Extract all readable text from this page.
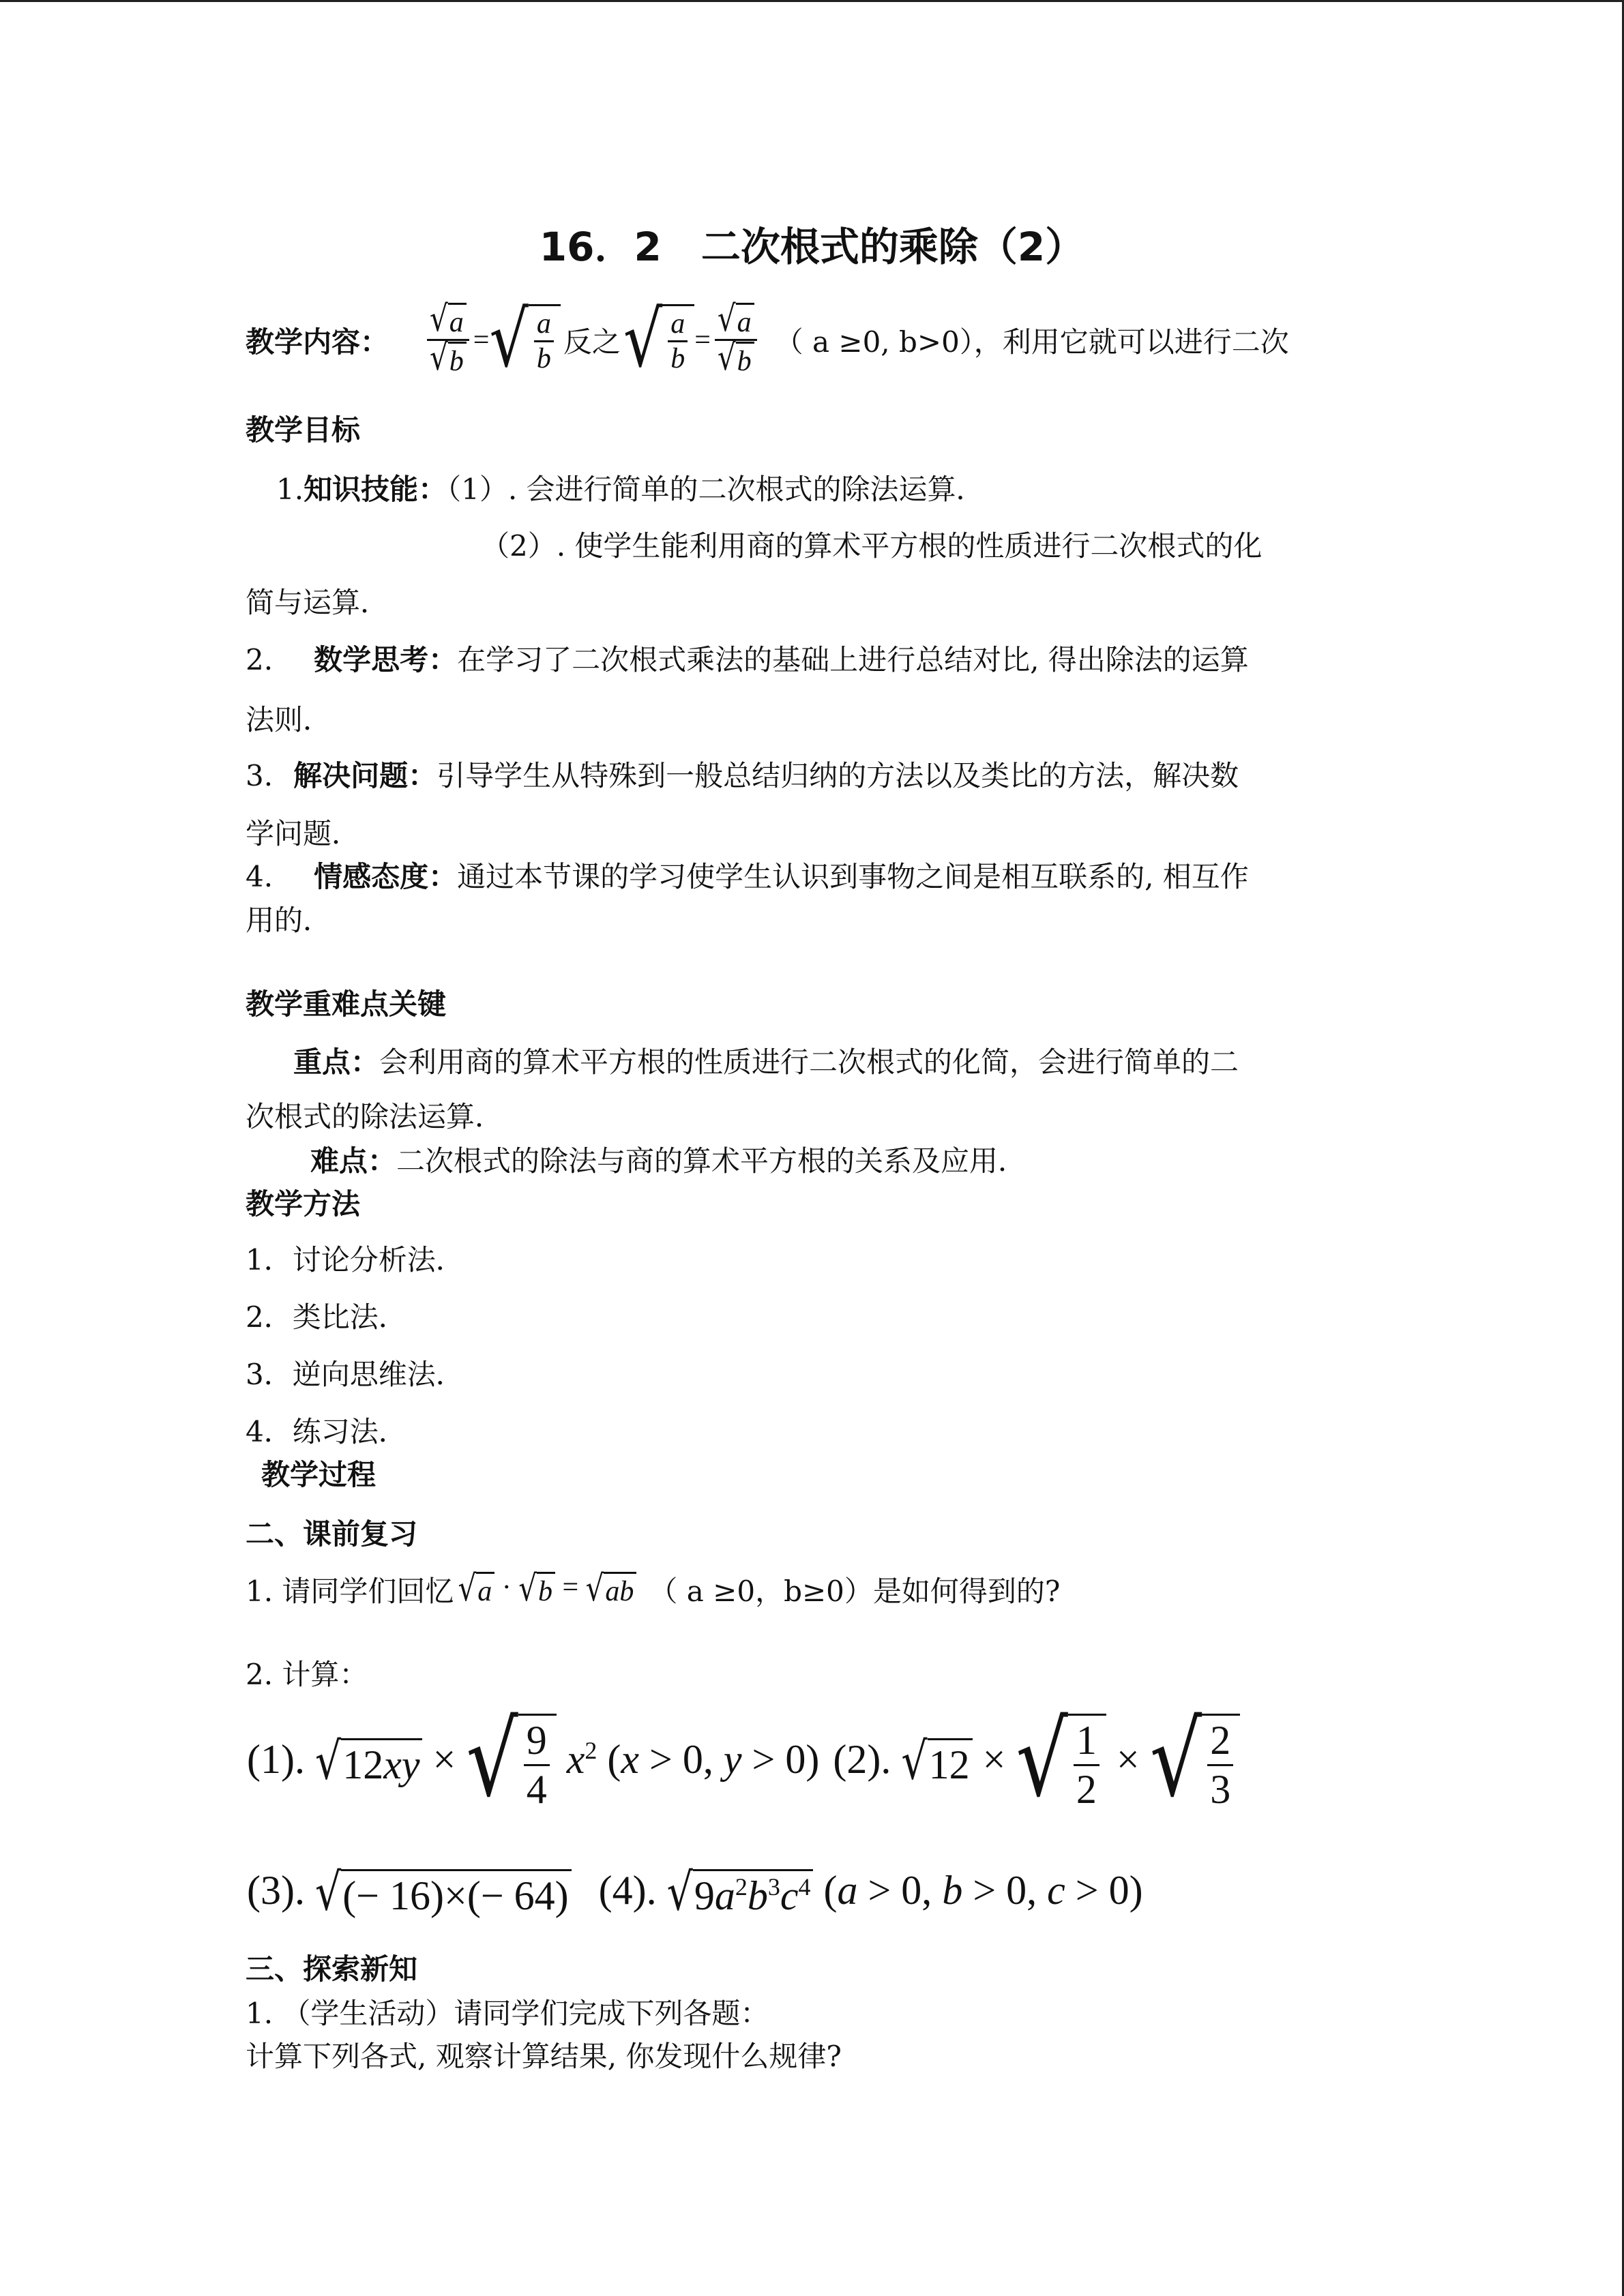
16．2　二次根式的乘除（2）
教学内容： $\frac{√ a}{√ b}$ = √ $\frac{a}{b}$ 反之 √ $\frac{a}{b} = \frac{√ a}{√ b}$ （ a ≥0, b>0），利用它就可以进行二次
教学目标
1.知识技能：（1）. 会进行简单的二次根式的除法运算．
（2）. 使学生能利用商的算术平方根的性质进行二次根式的化
简与运算．
2. 数学思考：在学习了二次根式乘法的基础上进行总结对比, 得出除法的运算
法则．
3. 解决问题：引导学生从特殊到一般总结归纳的方法以及类比的方法，解决数
学问题．
4. 情感态度：通过本节课的学习使学生认识到事物之间是相互联系的, 相互作
用的．
教学重难点关键
重点：会利用商的算术平方根的性质进行二次根式的化简，会进行简单的二
次根式的除法运算．
难点：二次根式的除法与商的算术平方根的关系及应用．
教学方法
1．讨论分析法．
2．类比法．
3．逆向思维法．
4．练习法．
教学过程
二、课前复习
1. 请同学们回忆 √ a · √ b = √ ab （ a ≥0，b≥0）是如何得到的?
2. 计算：
(1). √ 12xy × √ $\frac{9}{4} x^2$ (x > 0, y > 0) (2). √ 12 × √ $\frac{1}{2}$ × √ $\frac{2}{3}$
(3). √ (− 16)×(− 64) (4). √ $9a^2b^3c^4$ (a > 0, b > 0, c > 0)
三、探索新知
1. （学生活动）请同学们完成下列各题：
计算下列各式, 观察计算结果, 你发现什么规律?
